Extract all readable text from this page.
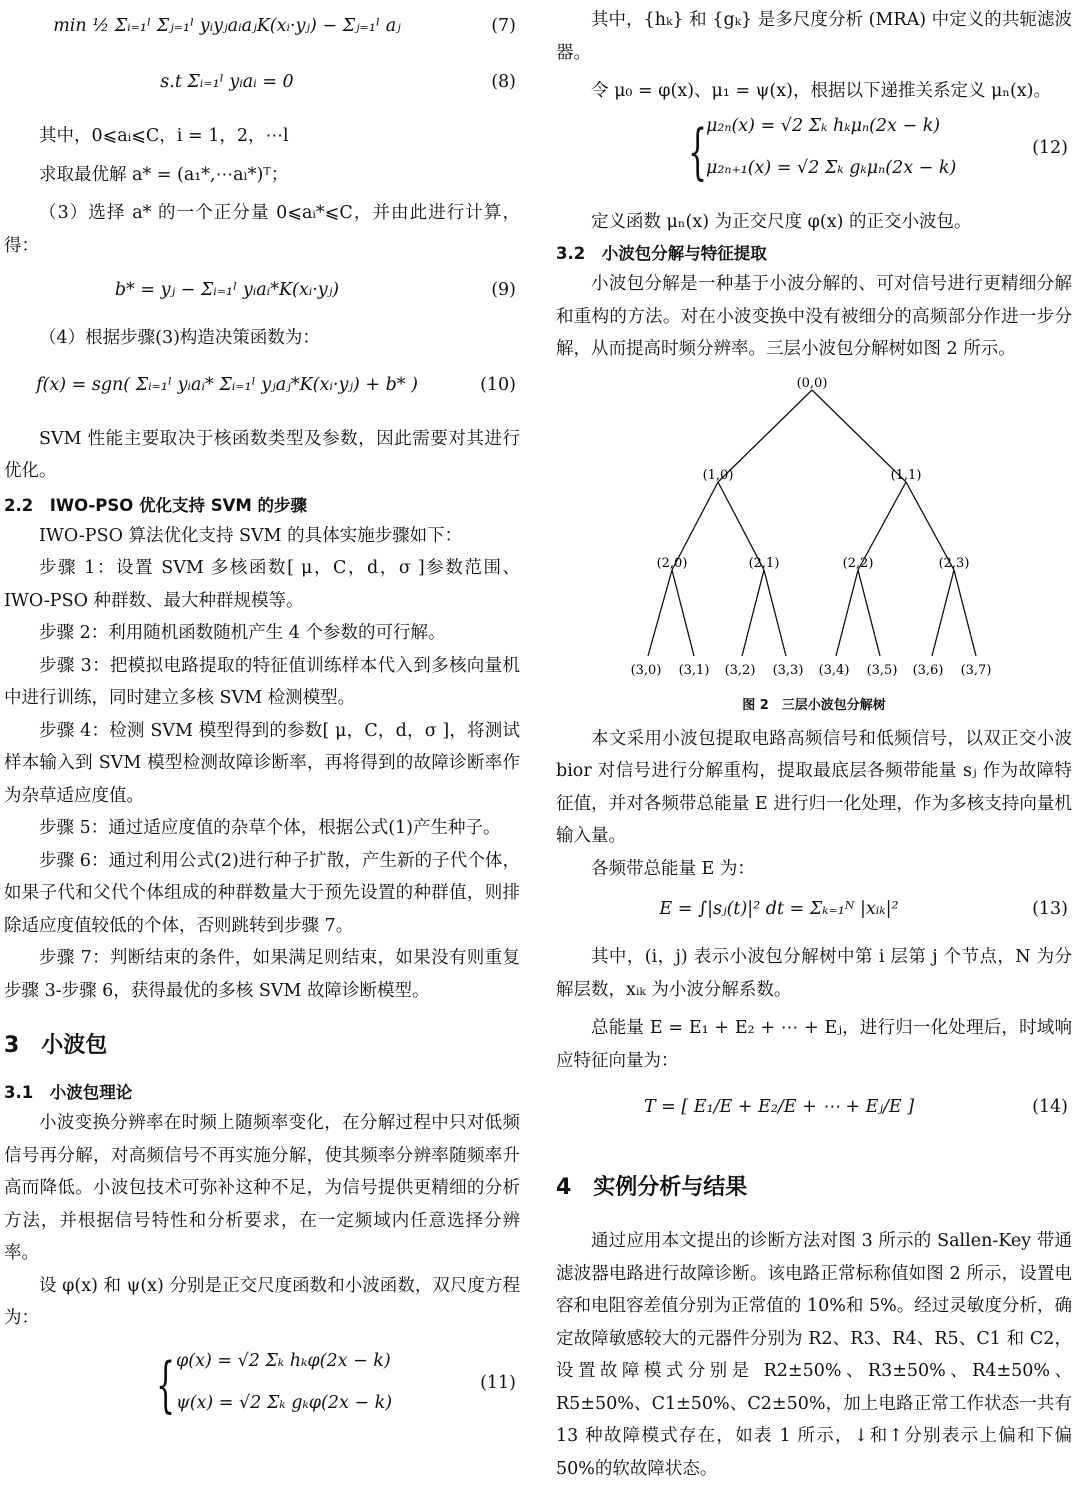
min ½ Σᵢ₌₁ˡ Σⱼ₌₁ˡ yᵢyⱼaᵢaⱼK(xᵢ·yⱼ) − Σⱼ₌₁ˡ aⱼ	(7)
s.t Σᵢ₌₁ˡ yᵢaᵢ = 0	(8)

其中，0⩽aᵢ⩽C，i = 1，2，⋯l

求取最优解 a* = (a₁*,⋯aₗ*)ᵀ；

（3）选择 a* 的一个正分量 0⩽aᵢ*⩽C，并由此进行计算，得：

b* = yⱼ − Σᵢ₌₁ˡ yᵢaᵢ*K(xᵢ·yⱼ)	(9)

（4）根据步骤(3)构造决策函数为：

f(x) = sgn( Σᵢ₌₁ˡ yᵢaᵢ* Σᵢ₌₁ˡ yⱼaⱼ*K(xᵢ·yⱼ) + b* )	(10)

SVM 性能主要取决于核函数类型及参数，因此需要对其进行优化。

2.2　IWO-PSO 优化支持 SVM 的步骤

IWO-PSO 算法优化支持 SVM 的具体实施步骤如下：

步骤 1：设置 SVM 多核函数[ μ，C，d，σ ]参数范围、IWO-PSO 种群数、最大种群规模等。

步骤 2：利用随机函数随机产生 4 个参数的可行解。

步骤 3：把模拟电路提取的特征值训练样本代入到多核向量机中进行训练，同时建立多核 SVM 检测模型。

步骤 4：检测 SVM 模型得到的参数[ μ，C，d，σ ]，将测试样本输入到 SVM 模型检测故障诊断率，再将得到的故障诊断率作为杂草适应度值。

步骤 5：通过适应度值的杂草个体，根据公式(1)产生种子。

步骤 6：通过利用公式(2)进行种子扩散，产生新的子代个体，如果子代和父代个体组成的种群数量大于预先设置的种群值，则排除适应度值较低的个体，否则跳转到步骤 7。

步骤 7：判断结束的条件，如果满足则结束，如果没有则重复步骤 3-步骤 6，获得最优的多核 SVM 故障诊断模型。

3　小波包

3.1　小波包理论

小波变换分辨率在时频上随频率变化，在分解过程中只对低频信号再分解，对高频信号不再实施分解，使其频率分辨率随频率升高而降低。小波包技术可弥补这种不足，为信号提供更精细的分析方法，并根据信号特性和分析要求，在一定频域内任意选择分辨率。

设 φ(x) 和 ψ(x) 分别是正交尺度函数和小波函数，双尺度方程为：

{ φ(x) = √2 Σₖ hₖφ(2x − k)
ψ(x) = √2 Σₖ gₖφ(2x − k)
(11)

其中，{hₖ} 和 {gₖ} 是多尺度分析 (MRA) 中定义的共轭滤波器。

令 μ₀ = φ(x)、μ₁ = ψ(x)，根据以下递推关系定义 μₙ(x)。

{
μ₂ₙ(x) = √2 Σₖ hₖμₙ(2x − k)
μ₂ₙ₊₁(x) = √2 Σₖ gₖμₙ(2x − k)
(12)

定义函数 μₙ(x) 为正交尺度 φ(x) 的正交小波包。

3.2　小波包分解与特征提取

小波包分解是一种基于小波分解的、可对信号进行更精细分解和重构的方法。对在小波变换中没有被细分的高频部分作进一步分解，从而提高时频分辨率。三层小波包分解树如图 2 所示。

(0,0)
(1,0)	(1,1)
(2,0)	(2,1)	(2,2)	(2,3)
(3,0) (3,1) (3,2) (3,3) (3,4) (3,5) (3,6) (3,7)

图 2　三层小波包分解树

本文采用小波包提取电路高频信号和低频信号，以双正交小波 bior 对信号进行分解重构，提取最底层各频带能量 sⱼ 作为故障特征值，并对各频带总能量 E 进行归一化处理，作为多核支持向量机输入量。

各频带总能量 E 为：

E = ∫|sⱼ(t)|² dt = Σₖ₌₁ᴺ |xᵢₖ|²	(13)

其中，(i，j) 表示小波包分解树中第 i 层第 j 个节点，N 为分解层数，xᵢₖ 为小波分解系数。

总能量 E = E₁ + E₂ + ⋯ + Eⱼ，进行归一化处理后，时域响应特征向量为：

T = [ E₁/E + E₂/E + ⋯ + Eⱼ/E ]	(14)

4　实例分析与结果

通过应用本文提出的诊断方法对图 3 所示的 Sallen-Key 带通滤波器电路进行故障诊断。该电路正常标称值如图 2 所示，设置电容和电阻容差值分别为正常值的 10%和 5%。经过灵敏度分析，确定故障敏感较大的元器件分别为 R2、R3、R4、R5、C1 和 C2，设置故障模式分别是 R2±50%、R3±50%、R4±50%、R5±50%、C1±50%、C2±50%，加上电路正常工作状态一共有 13 种故障模式存在，如表 1 所示，↓和↑分别表示上偏和下偏 50%的软故障状态。
